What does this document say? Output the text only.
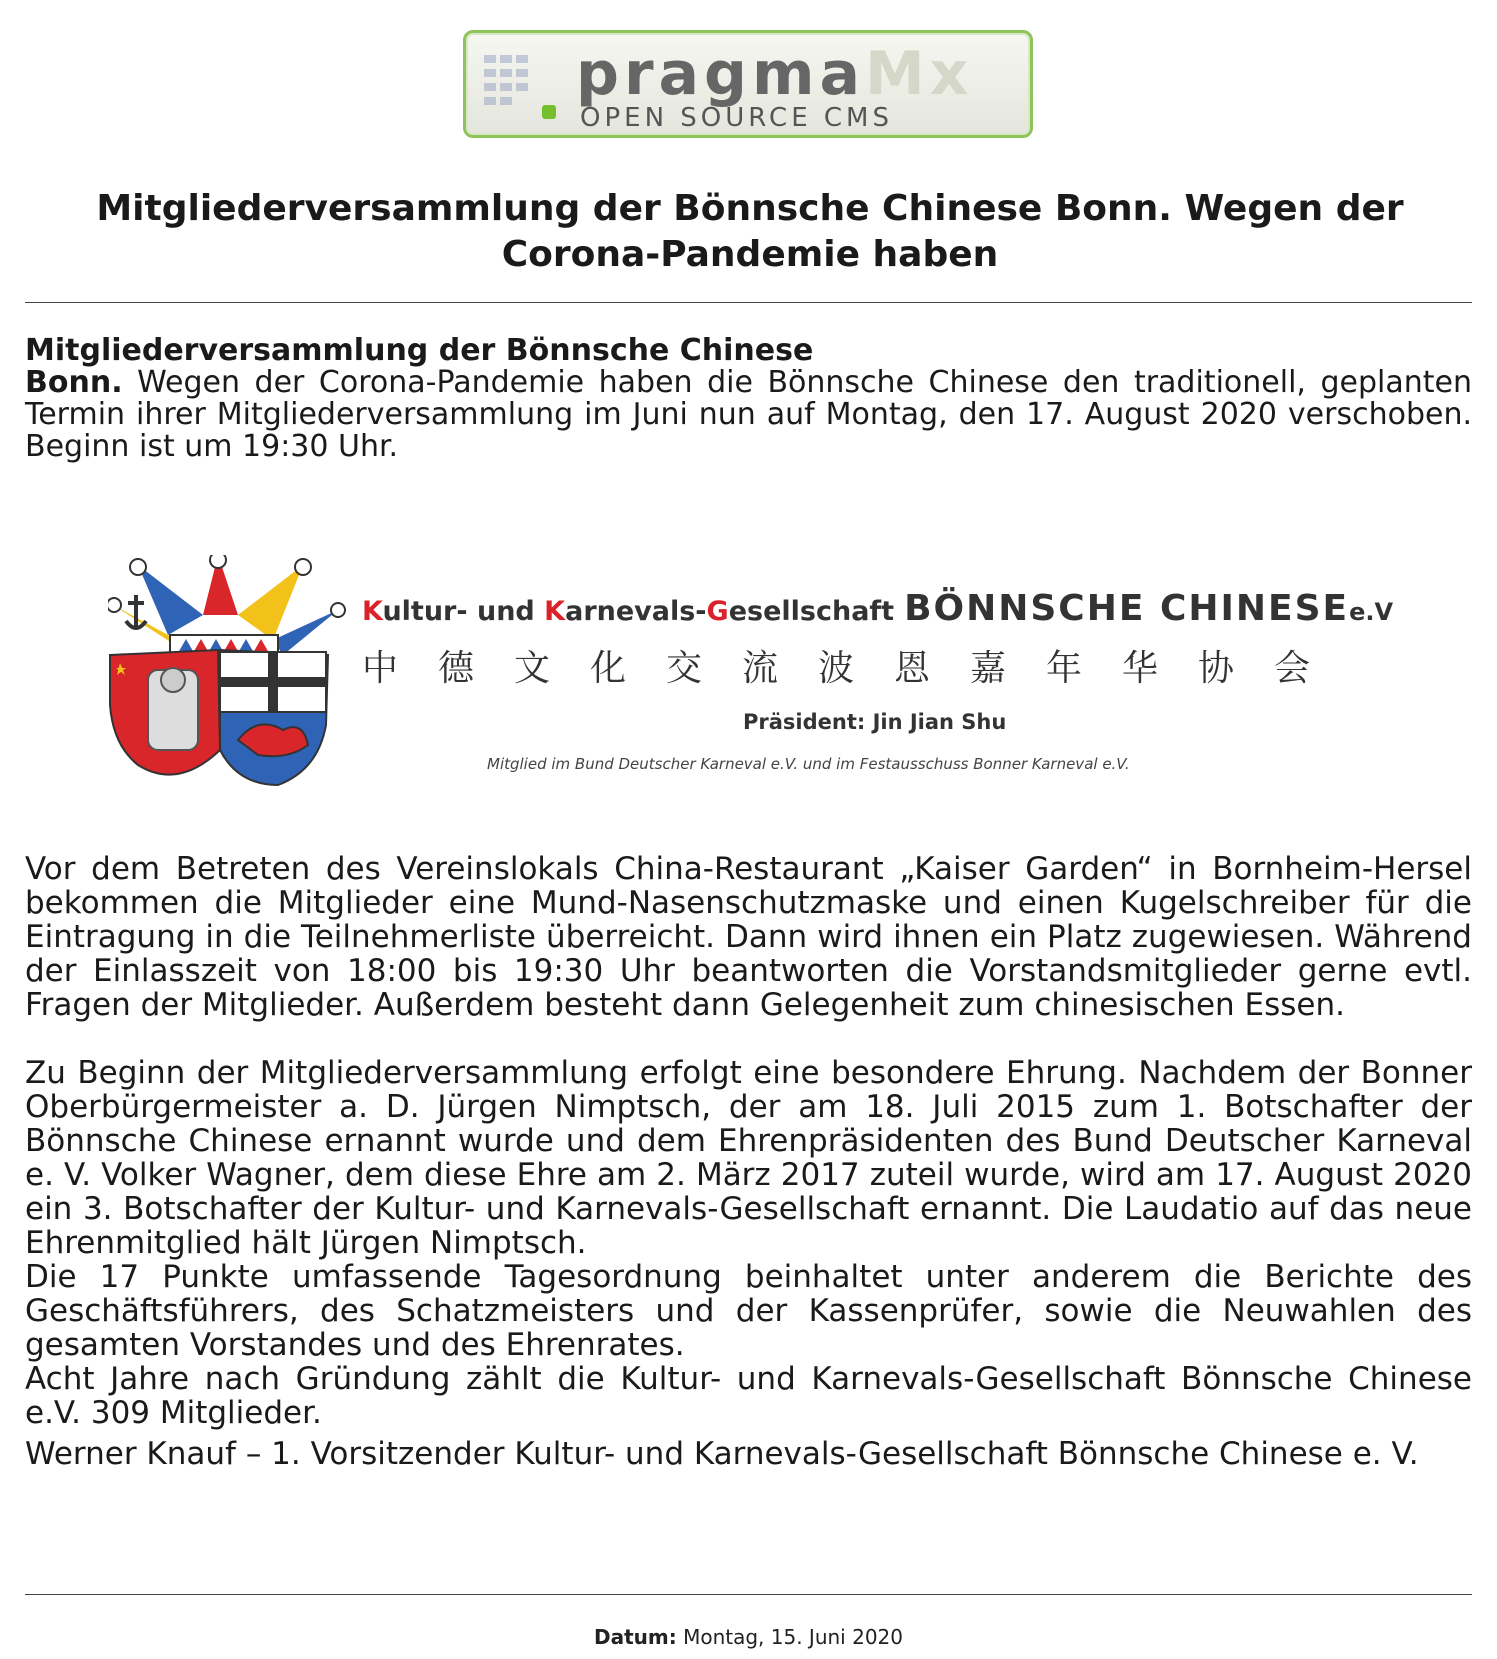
pragmaMx
OPEN SOURCE CMS
Mitgliederversammlung der Bönnsche Chinese Bonn. Wegen der Corona-Pandemie haben

Mitgliederversammlung der Bönnsche Chinese
Bonn. Wegen der Corona-Pandemie haben die Bönnsche Chinese den traditionell, geplanten Termin ihrer Mitgliederversammlung im Juni nun auf Montag, den 17. August 2020 verschoben. Beginn ist um 19:30 Uhr.

Kultur- und Karnevals-Gesellschaft BÖNNSCHE CHINESEe.V
中德文化交流波恩嘉年华协会
Präsident: Jin Jian Shu
Mitglied im Bund Deutscher Karneval e.V. und im Festausschuss Bonner Karneval e.V.

Vor dem Betreten des Vereinslokals China-Restaurant „Kaiser Garden“ in Bornheim-Hersel bekommen die Mitglieder eine Mund-Nasenschutzmaske und einen Kugelschreiber für die Eintragung in die Teilnehmerliste überreicht. Dann wird ihnen ein Platz zugewiesen. Während der Einlasszeit von 18:00 bis 19:30 Uhr beantworten die Vorstandsmitglieder gerne evtl. Fragen der Mitglieder. Außerdem besteht dann Gelegenheit zum chinesischen Essen.

Zu Beginn der Mitgliederversammlung erfolgt eine besondere Ehrung. Nachdem der Bonner Oberbürgermeister a. D. Jürgen Nimptsch, der am 18. Juli 2015 zum 1. Botschafter der Bönnsche Chinese ernannt wurde und dem Ehrenpräsidenten des Bund Deutscher Karneval e. V. Volker Wagner, dem diese Ehre am 2. März 2017 zuteil wurde, wird am 17. August 2020 ein 3. Botschafter der Kultur- und Karnevals-Gesellschaft ernannt. Die Laudatio auf das neue Ehrenmitglied hält Jürgen Nimptsch.

Die 17 Punkte umfassende Tagesordnung beinhaltet unter anderem die Berichte des Geschäftsführers, des Schatzmeisters und der Kassenprüfer, sowie die Neuwahlen des gesamten Vorstandes und des Ehrenrates.

Acht Jahre nach Gründung zählt die Kultur- und Karnevals-Gesellschaft Bönnsche Chinese e.V. 309 Mitglieder.

Werner Knauf – 1. Vorsitzender Kultur- und Karnevals-Gesellschaft Bönnsche Chinese e. V.

Datum: Montag, 15. Juni 2020
